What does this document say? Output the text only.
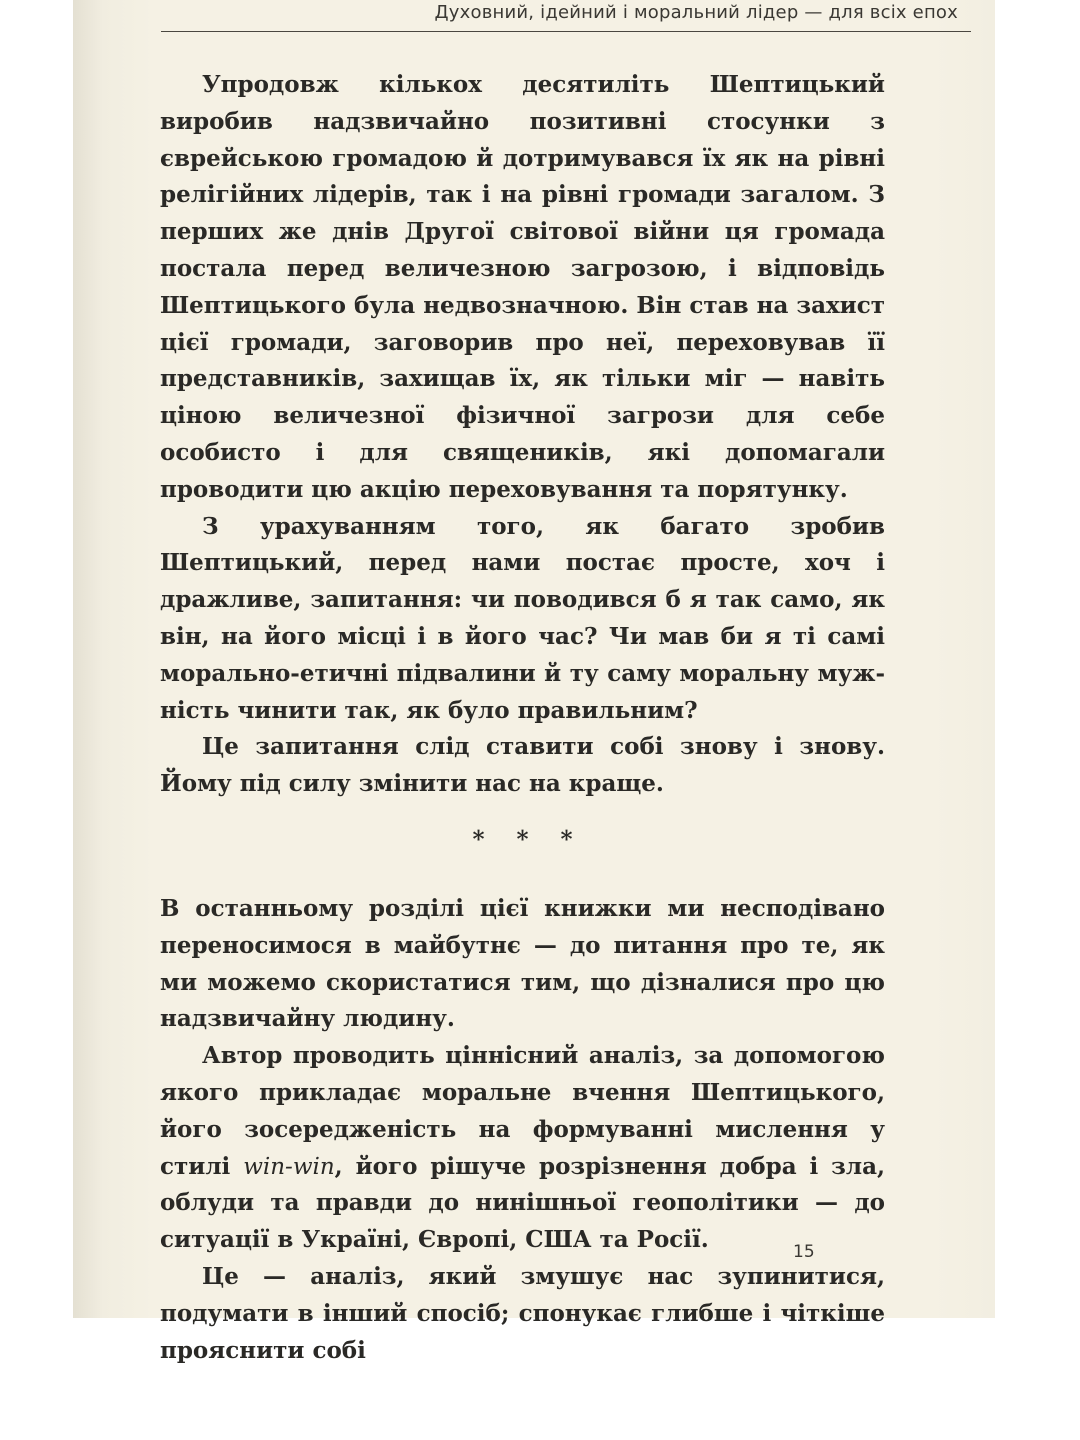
Духовний, ідейний і моральний лідер — для всіх епох

Упродовж кількох десятиліть Шептицький виробив надзвичайно позитивні стосунки з єврейською громадою й дотримувався їх як на рівні релігійних лідерів, так і на рівні громади загалом. З перших же днів Другої світової війни ця громада постала перед величезною загрозою, і відповідь Шептицького була недвозначною. Він став на захист цієї громади, заговорив про неї, переховував її представників, захищав їх, як тільки міг — навіть ціною величезної фізичної загрози для себе особисто і для священиків, які допомагали проводити цю акцію переховування та порятунку.

З урахуванням того, як багато зробив Шептицький, перед нами постає просте, хоч і дражливе, запитання: чи поводився б я так само, як він, на його місці і в його час? Чи мав би я ті самі морально-етичні підвалини й ту саму моральну мужність чинити так, як було правильним?

Це запитання слід ставити собі знову і знову. Йому під силу змінити нас на краще.

* * *

В останньому розділі цієї книжки ми несподівано переносимося в майбутнє — до питання про те, як ми можемо скористатися тим, що дізналися про цю надзвичайну людину.

Автор проводить ціннісний аналіз, за допомогою якого прикладає моральне вчення Шептицького, його зосередженість на формуванні мислення у стилі win-win, його рішуче розрізнення добра і зла, облуди та правди до нинішньої геополітики — до ситуації в Україні, Європі, США та Росії.

Це — аналіз, який змушує нас зупинитися, подумати в інший спосіб; спонукає глибше і чіткіше прояснити собі

15
